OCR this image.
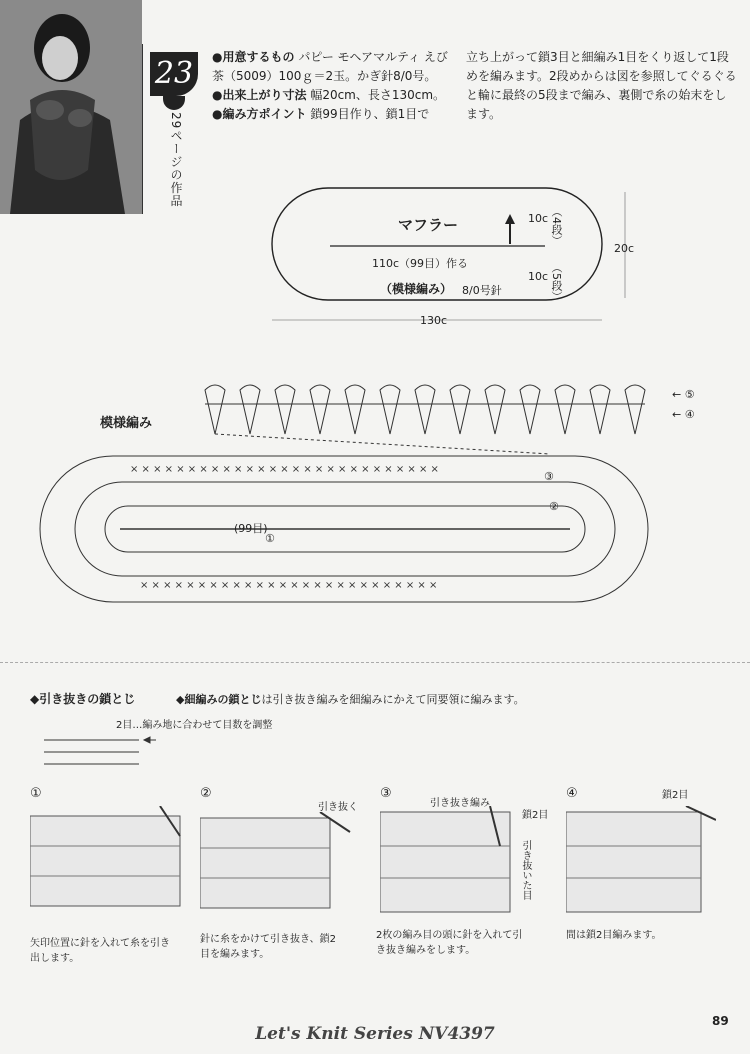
23
29ページの作品
●用意するもの パピー モヘアマルティ えび茶（5009）100ｇ＝2玉。かぎ針8/0号。
●出来上がり寸法 幅20cm、長さ130cm。
●編み方ポイント 鎖99目作り、鎖1目で
立ち上がって鎖3目と細編み1目をくり返して1段めを編みます。2段めからは図を参照してぐるぐると輪に最終の5段まで編み、裏側で糸の始末をします。
マフラー
110c（99目）作る
10c （4段）
10c （5段）
20c
（模様編み） 8/0号針
130c
模様編み
× × × × × × × × × × × × × × × × × × × × × × × × × × ×
× × × × × × × × × × × × × × × × × × × × × × × × × ×
(99目)
①
②
③
← ④
← ⑤
◆引き抜きの鎖とじ	◆細編みの鎖とじは引き抜き編みを細編みにかえて同要領に編みます。
2目…編み地に合わせて目数を調整
①
矢印位置に針を入れて糸を引き出します。
②
引き抜く
針に糸をかけて引き抜き、鎖2目を編みます。
③
引き抜き編み
鎖2目
引き抜いた目
2枚の編み目の頭に針を入れて引き抜き編みをします。
④	鎖2目
間は鎖2目編みます。
89
Let's Knit Series NV4397
